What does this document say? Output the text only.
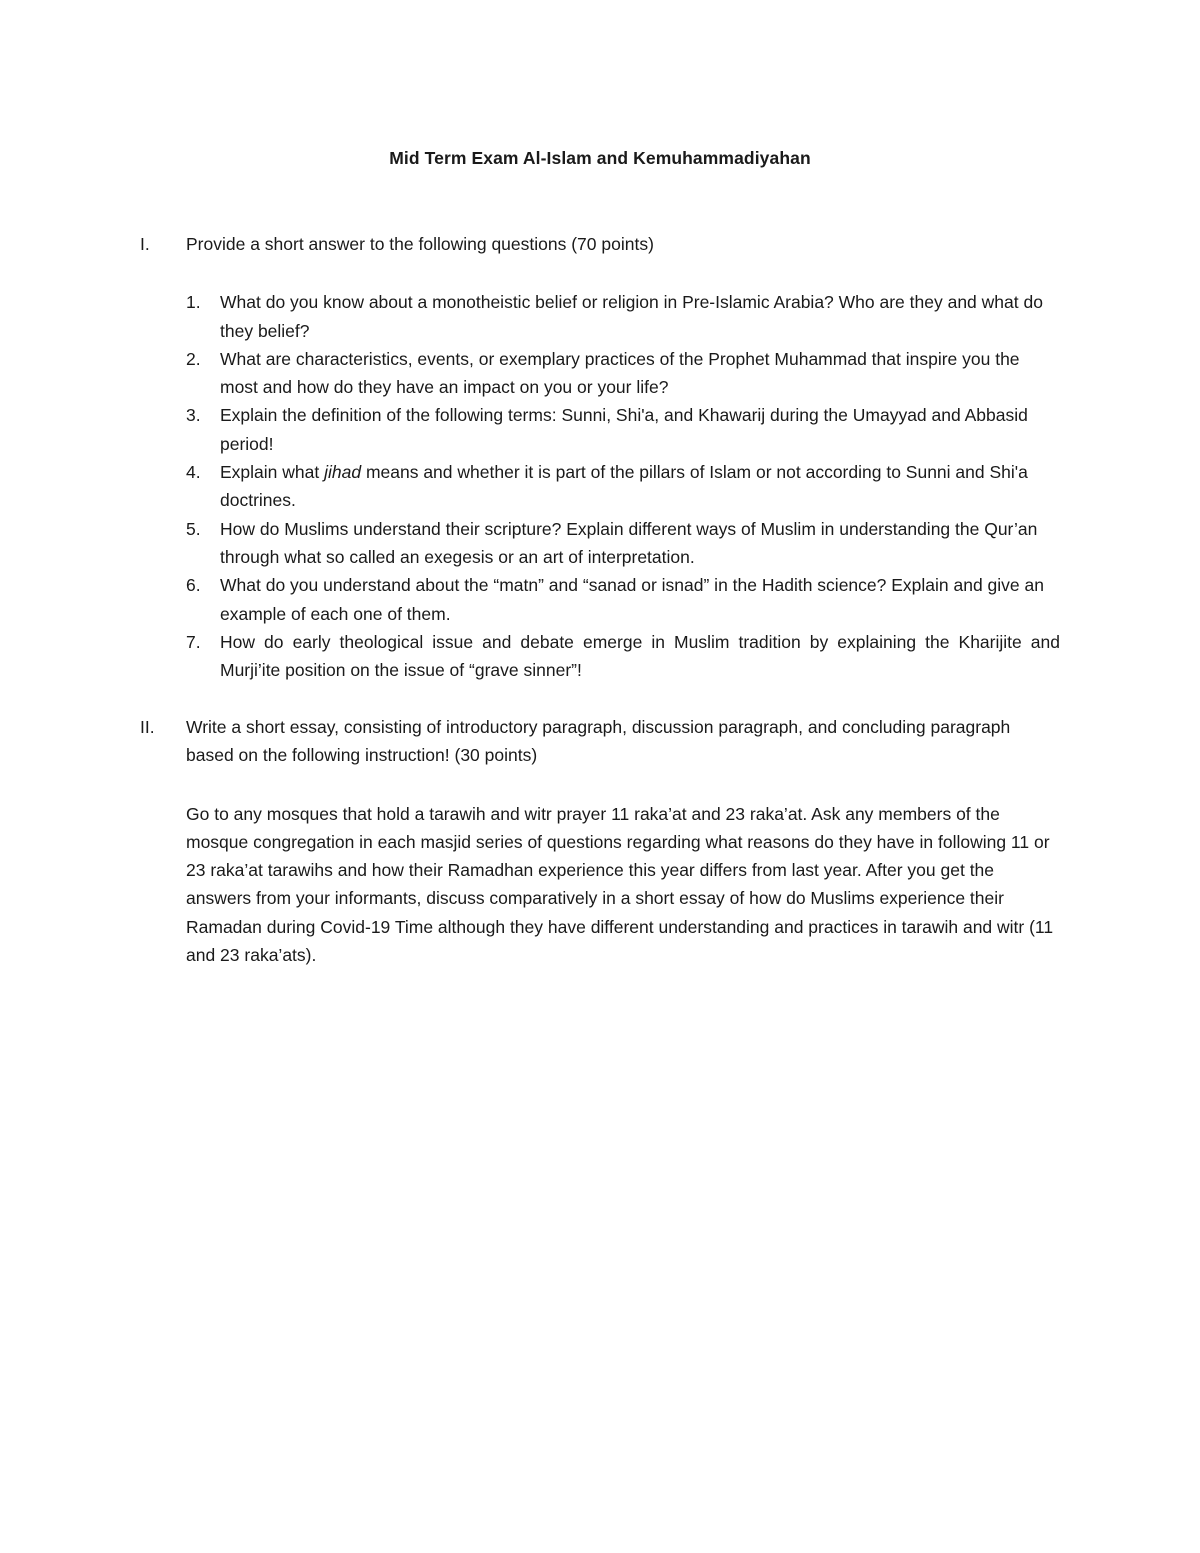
Mid Term Exam Al-Islam and Kemuhammadiyahan
I.	Provide a short answer to the following questions (70 points)
1.	What do you know about a monotheistic belief or religion in Pre-Islamic Arabia? Who are they and what do they belief?
2.	What are characteristics, events, or exemplary practices of the Prophet Muhammad that inspire you the most and how do they have an impact on you or your life?
3.	Explain the definition of the following terms: Sunni, Shi'a, and Khawarij during the Umayyad and Abbasid period!
4.	Explain what jihad means and whether it is part of the pillars of Islam or not according to Sunni and Shi'a doctrines.
5.	How do Muslims understand their scripture? Explain different ways of Muslim in understanding the Qur’an through what so called an exegesis or an art of interpretation.
6.	What do you understand about the “matn” and “sanad or isnad” in the Hadith science? Explain and give an example of each one of them.
7.	How do early theological issue and debate emerge in Muslim tradition by explaining the Kharijite and Murji’ite position on the issue of “grave sinner”!
II.	Write a short essay, consisting of introductory paragraph, discussion paragraph, and concluding paragraph based on the following instruction! (30 points)
Go to any mosques that hold a tarawih and witr prayer 11 raka’at and 23 raka’at. Ask any members of the mosque congregation in each masjid series of questions regarding what reasons do they have in following 11 or 23 raka’at tarawihs and how their Ramadhan experience this year differs from last year. After you get the answers from your informants, discuss comparatively in a short essay of how do Muslims experience their Ramadan during Covid-19 Time although they have different understanding and practices in tarawih and witr (11 and 23 raka’ats).
